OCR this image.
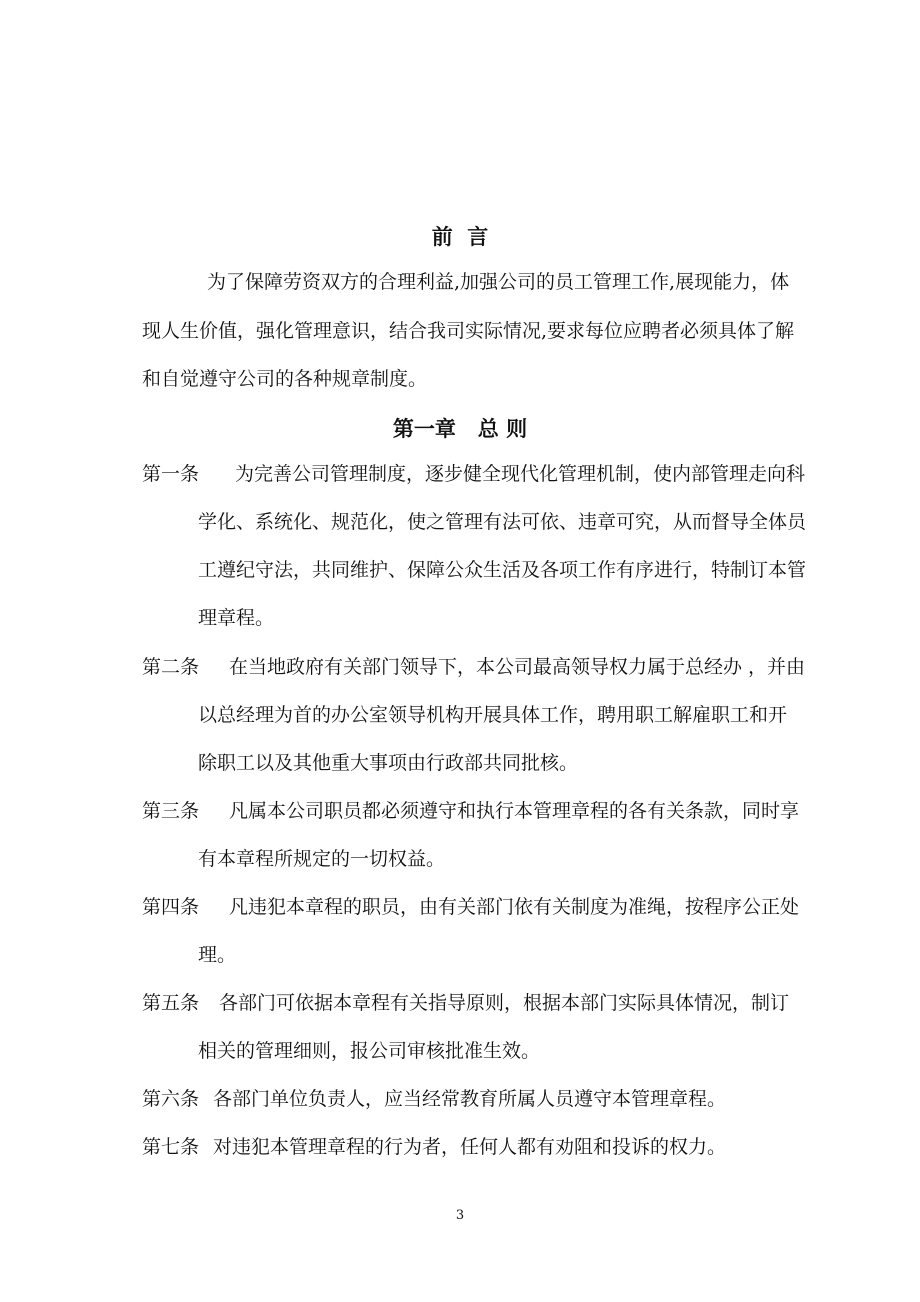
前  言
为了保障劳资双方的合理利益,加强公司的员工管理工作,展现能力，体
现人生价值，强化管理意识，结合我司实际情况,要求每位应聘者必须具体了解
和自觉遵守公司的各种规章制度。
第一章   总 则
第一条 为完善公司管理制度，逐步健全现代化管理机制，使内部管理走向科
学化、系统化、规范化，使之管理有法可依、违章可究，从而督导全体员
工遵纪守法，共同维护、保障公众生活及各项工作有序进行，特制订本管
理章程。
第二条 在当地政府有关部门领导下，本公司最高领导权力属于总经办 ，并由
以总经理为首的办公室领导机构开展具体工作，聘用职工解雇职工和开
除职工以及其他重大事项由行政部共同批核。
第三条 凡属本公司职员都必须遵守和执行本管理章程的各有关条款，同时享
有本章程所规定的一切权益。
第四条 凡违犯本章程的职员，由有关部门依有关制度为准绳，按程序公正处
理。
第五条 各部门可依据本章程有关指导原则，根据本部门实际具体情况，制订
相关的管理细则，报公司审核批准生效。
第六条 各部门单位负责人，应当经常教育所属人员遵守本管理章程。
第七条 对违犯本管理章程的行为者，任何人都有劝阻和投诉的权力。
3
